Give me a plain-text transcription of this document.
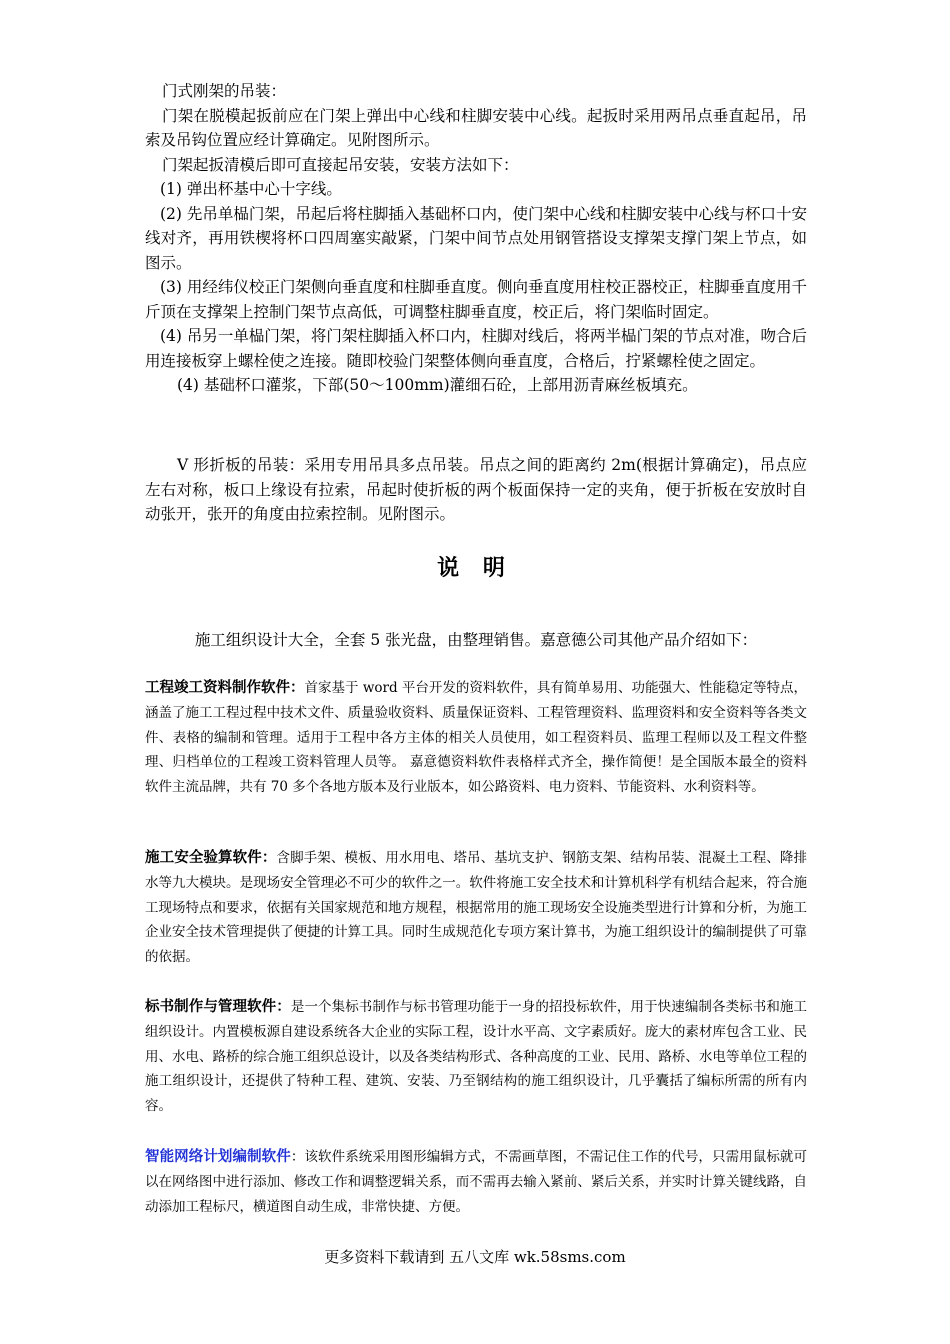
门式刚架的吊装：

门架在脱模起扳前应在门架上弹出中心线和柱脚安装中心线。起扳时采用两吊点垂直起吊，吊索及吊钩位置应经计算确定。见附图所示。

门架起扳清模后即可直接起吊安装，安装方法如下：

(1) 弹出杯基中心十字线。

(2) 先吊单榀门架，吊起后将柱脚插入基础杯口内，使门架中心线和柱脚安装中心线与杯口十安线对齐，再用铁楔将杯口四周塞实敲紧，门架中间节点处用钢管搭设支撑架支撑门架上节点，如图示。

(3) 用经纬仪校正门架侧向垂直度和柱脚垂直度。侧向垂直度用柱校正器校正，柱脚垂直度用千斤顶在支撑架上控制门架节点高低，可调整柱脚垂直度，校正后，将门架临时固定。

(4) 吊另一单榀门架，将门架柱脚插入杯口内，柱脚对线后，将两半榀门架的节点对准，吻合后用连接板穿上螺栓使之连接。随即校验门架整体侧向垂直度，合格后，拧紧螺栓使之固定。

(4) 基础杯口灌浆，下部(50～100mm)灌细石砼，上部用沥青麻丝板填充。

V 形折板的吊装：采用专用吊具多点吊装。吊点之间的距离约 2m(根据计算确定)，吊点应左右对称，板口上缘设有拉索，吊起时使折板的两个板面保持一定的夹角，便于折板在安放时自动张开，张开的角度由拉索控制。见附图示。

说 明
施工组织设计大全，全套 5 张光盘，由整理销售。嘉意德公司其他产品介绍如下：
工程竣工资料制作软件：首家基于 word 平台开发的资料软件，具有简单易用、功能强大、性能稳定等特点，涵盖了施工工程过程中技术文件、质量验收资料、质量保证资料、工程管理资料、监理资料和安全资料等各类文件、表格的编制和管理。适用于工程中各方主体的相关人员使用，如工程资料员、监理工程师以及工程文件整理、归档单位的工程竣工资料管理人员等。 嘉意德资料软件表格样式齐全，操作简便！是全国版本最全的资料软件主流品牌，共有 70 多个各地方版本及行业版本，如公路资料、电力资料、节能资料、水利资料等。
施工安全验算软件：含脚手架、模板、用水用电、塔吊、基坑支护、钢筋支架、结构吊装、混凝土工程、降排水等九大模块。是现场安全管理必不可少的软件之一。软件将施工安全技术和计算机科学有机结合起来，符合施工现场特点和要求，依据有关国家规范和地方规程，根据常用的施工现场安全设施类型进行计算和分析，为施工企业安全技术管理提供了便捷的计算工具。同时生成规范化专项方案计算书，为施工组织设计的编制提供了可靠的依据。
标书制作与管理软件：是一个集标书制作与标书管理功能于一身的招投标软件，用于快速编制各类标书和施工组织设计。内置模板源自建设系统各大企业的实际工程，设计水平高、文字素质好。庞大的素材库包含工业、民用、水电、路桥的综合施工组织总设计，以及各类结构形式、各种高度的工业、民用、路桥、水电等单位工程的施工组织设计，还提供了特种工程、建筑、安装、乃至钢结构的施工组织设计，几乎囊括了编标所需的所有内容。
智能网络计划编制软件：该软件系统采用图形编辑方式，不需画草图，不需记住工作的代号，只需用鼠标就可以在网络图中进行添加、修改工作和调整逻辑关系，而不需再去输入紧前、紧后关系，并实时计算关键线路，自动添加工程标尺，横道图自动生成，非常快捷、方便。
更多资料下载请到 五八文库 wk.58sms.com
